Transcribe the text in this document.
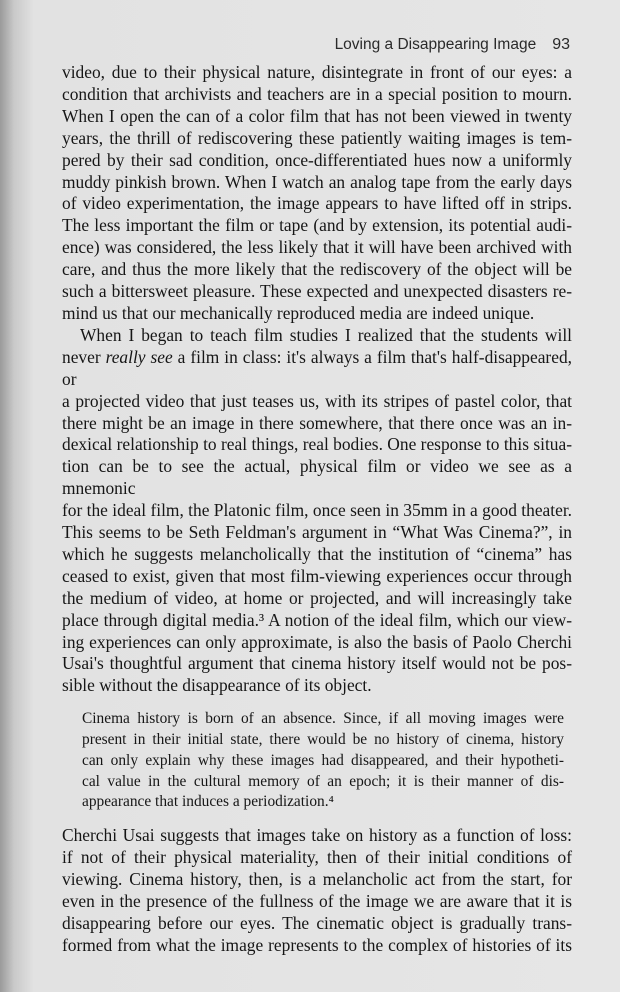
Loving a Disappearing Image 93

video, due to their physical nature, disintegrate in front of our eyes: a
condition that archivists and teachers are in a special position to mourn.
When I open the can of a color film that has not been viewed in twenty
years, the thrill of rediscovering these patiently waiting images is tem-
pered by their sad condition, once-differentiated hues now a uniformly
muddy pinkish brown. When I watch an analog tape from the early days
of video experimentation, the image appears to have lifted off in strips.
The less important the film or tape (and by extension, its potential audi-
ence) was considered, the less likely that it will have been archived with
care, and thus the more likely that the rediscovery of the object will be
such a bittersweet pleasure. These expected and unexpected disasters re-
mind us that our mechanically reproduced media are indeed unique.

When I began to teach film studies I realized that the students will
never really see a film in class: it's always a film that's half-disappeared, or
a projected video that just teases us, with its stripes of pastel color, that
there might be an image in there somewhere, that there once was an in-
dexical relationship to real things, real bodies. One response to this situa-
tion can be to see the actual, physical film or video we see as a mnemonic
for the ideal film, the Platonic film, once seen in 35mm in a good theater.
This seems to be Seth Feldman's argument in “What Was Cinema?”, in
which he suggests melancholically that the institution of “cinema” has
ceased to exist, given that most film-viewing experiences occur through
the medium of video, at home or projected, and will increasingly take
place through digital media.³ A notion of the ideal film, which our view-
ing experiences can only approximate, is also the basis of Paolo Cherchi
Usai's thoughtful argument that cinema history itself would not be pos-
sible without the disappearance of its object.

Cinema history is born of an absence. Since, if all moving images were
present in their initial state, there would be no history of cinema, history
can only explain why these images had disappeared, and their hypotheti-
cal value in the cultural memory of an epoch; it is their manner of dis-
appearance that induces a periodization.⁴

Cherchi Usai suggests that images take on history as a function of loss:
if not of their physical materiality, then of their initial conditions of
viewing. Cinema history, then, is a melancholic act from the start, for
even in the presence of the fullness of the image we are aware that it is
disappearing before our eyes. The cinematic object is gradually trans-
formed from what the image represents to the complex of histories of its
